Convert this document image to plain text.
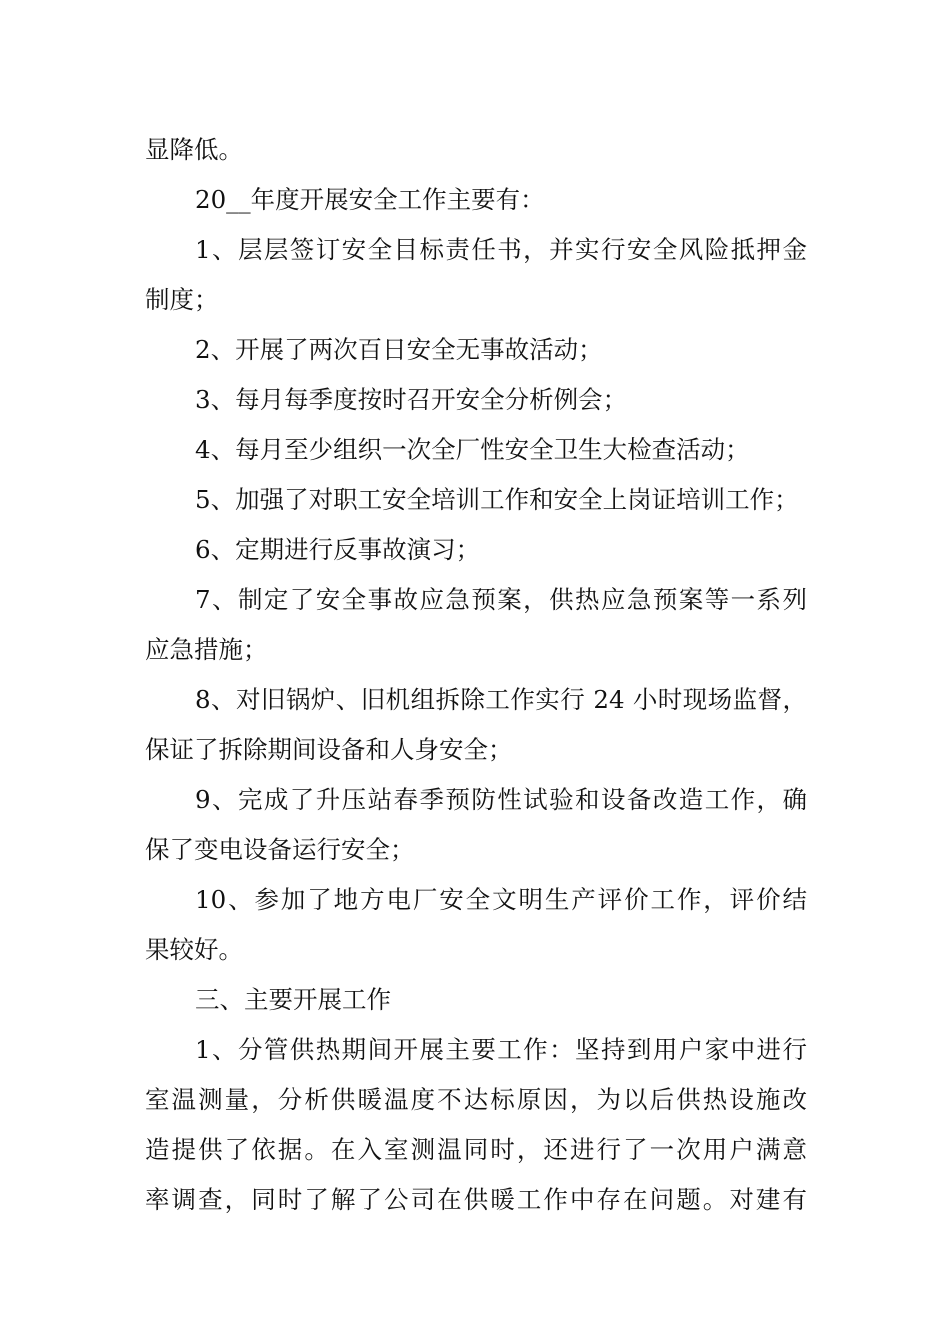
显降低。
20__年度开展安全工作主要有：
1、层层签订安全目标责任书，并实行安全风险抵押金
制度；
2、开展了两次百日安全无事故活动；
3、每月每季度按时召开安全分析例会；
4、每月至少组织一次全厂性安全卫生大检查活动；
5、加强了对职工安全培训工作和安全上岗证培训工作；
6、定期进行反事故演习；
7、制定了安全事故应急预案，供热应急预案等一系列
应急措施；
8、对旧锅炉、旧机组拆除工作实行 24 小时现场监督，
保证了拆除期间设备和人身安全；
9、完成了升压站春季预防性试验和设备改造工作，确
保了变电设备运行安全；
10、参加了地方电厂安全文明生产评价工作，评价结
果较好。
三、主要开展工作
1、分管供热期间开展主要工作：坚持到用户家中进行
室温测量，分析供暖温度不达标原因，为以后供热设施改
造提供了依据。在入室测温同时，还进行了一次用户满意
率调查，同时了解了公司在供暖工作中存在问题。对建有
